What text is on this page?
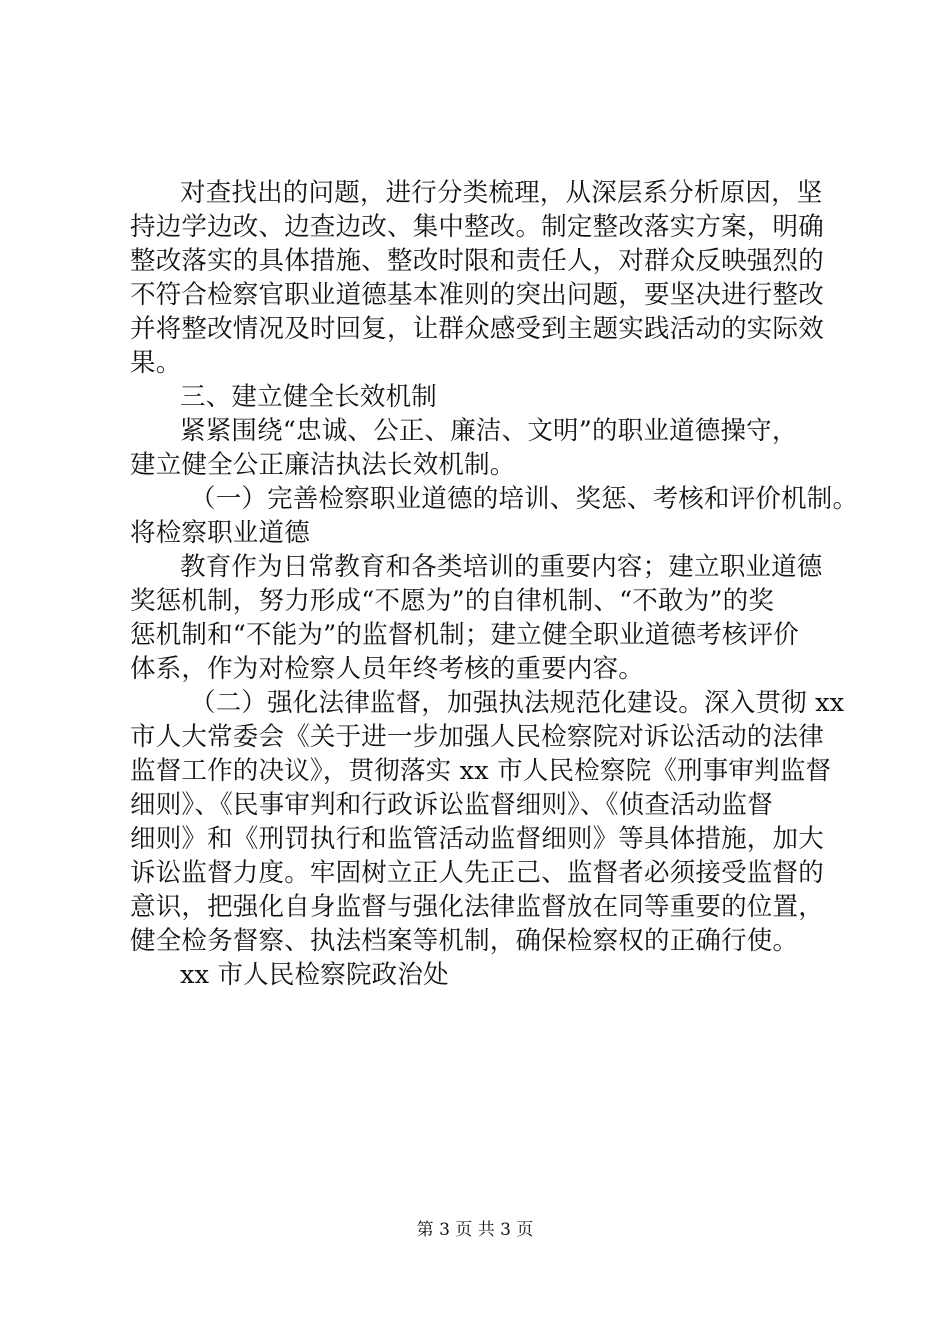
对查找出的问题，进行分类梳理，从深层系分析原因，坚
持边学边改、边查边改、集中整改。制定整改落实方案，明确
整改落实的具体措施、整改时限和责任人，对群众反映强烈的
不符合检察官职业道德基本准则的突出问题，要坚决进行整改
并将整改情况及时回复，让群众感受到主题实践活动的实际效
果。
三、建立健全长效机制
紧紧围绕“忠诚、公正、廉洁、文明”的职业道德操守，
建立健全公正廉洁执法长效机制。
（一）完善检察职业道德的培训、奖惩、考核和评价机制。
将检察职业道德
教育作为日常教育和各类培训的重要内容；建立职业道德
奖惩机制，努力形成“不愿为”的自律机制、“不敢为”的奖
惩机制和“不能为”的监督机制；建立健全职业道德考核评价
体系，作为对检察人员年终考核的重要内容。
（二）强化法律监督，加强执法规范化建设。深入贯彻 xx
市人大常委会《关于进一步加强人民检察院对诉讼活动的法律
监督工作的决议》，贯彻落实 xx 市人民检察院《刑事审判监督
细则》、《民事审判和行政诉讼监督细则》、《侦查活动监督
细则》和《刑罚执行和监管活动监督细则》等具体措施，加大
诉讼监督力度。牢固树立正人先正己、监督者必须接受监督的
意识，把强化自身监督与强化法律监督放在同等重要的位置，
健全检务督察、执法档案等机制，确保检察权的正确行使。
xx 市人民检察院政治处
第 3 页 共 3 页
